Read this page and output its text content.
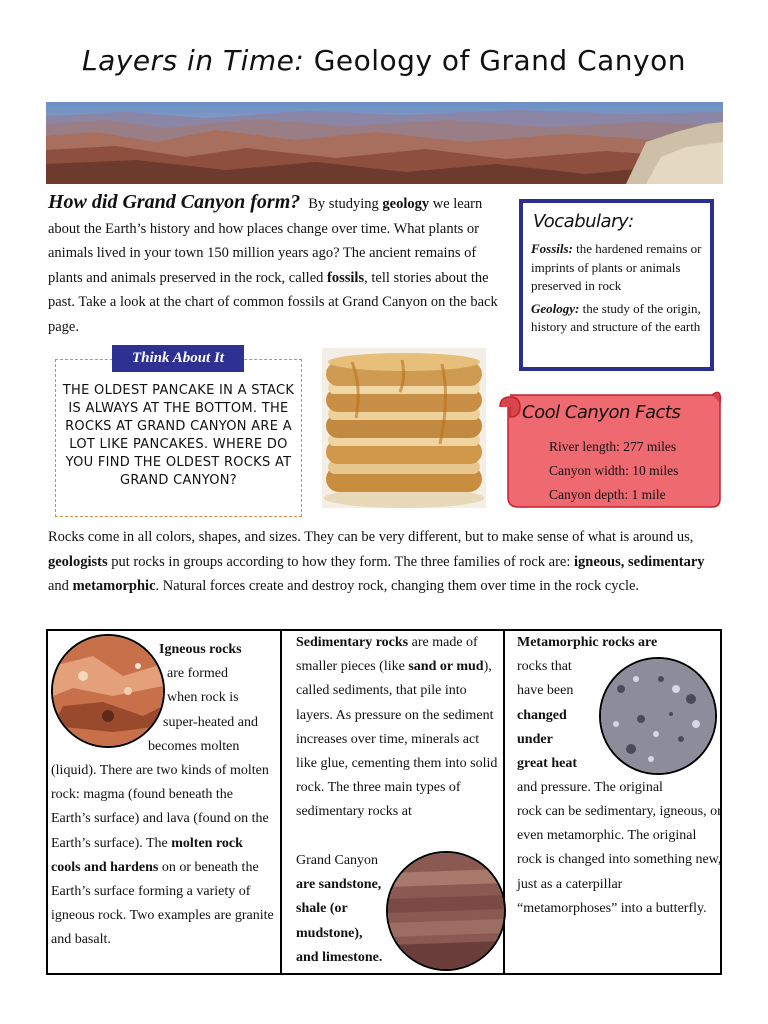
Layers in Time: Geology of Grand Canyon
How did Grand Canyon form? By studying geology we learn about the Earth’s history and how places change over time. What plants or animals lived in your town 150 million years ago? The ancient remains of plants and animals preserved in the rock, called fossils, tell stories about the past. Take a look at the chart of common fossils at Grand Canyon on the back page.
Vocabulary:
Fossils: the hardened remains or imprints of plants or animals preserved in rock
Geology: the study of the origin, history and structure of the earth
Think About It
THE OLDEST PANCAKE IN A STACK IS ALWAYS AT THE BOTTOM. THE ROCKS AT GRAND CANYON ARE A LOT LIKE PANCAKES. WHERE DO YOU FIND THE OLDEST ROCKS AT GRAND CANYON?
Cool Canyon Facts
River length: 277 miles
Canyon width: 10 miles
Canyon depth: 1 mile
Rocks come in all colors, shapes, and sizes. They can be very different, but to make sense of what is around us, geologists put rocks in groups according to how they form. The three families of rock are: igneous, sedimentary and metamorphic. Natural forces create and destroy rock, changing them over time in the rock cycle.
Igneous rocks
are formed
when rock is
super-heated and
becomes molten
(liquid). There are two kinds of molten rock: magma (found beneath the Earth’s surface) and lava (found on the Earth’s surface). The molten rock cools and hardens on or beneath the Earth’s surface forming a variety of igneous rock. Two examples are granite and basalt.
Sedimentary rocks are made of smaller pieces (like sand or mud), called sediments, that pile into layers. As pressure on the sediment increases over time, minerals act like glue, cementing them into solid rock. The three main types of sedimentary rocks at
Grand Canyon
are sandstone,
shale (or
mudstone),
and limestone.
Metamorphic rocks are
rocks that
have been
changed
under
great heat
and pressure. The original
rock can be sedimentary, igneous, or even metamorphic. The original rock is changed into something new, just as a caterpillar “metamorphoses” into a butterfly.
